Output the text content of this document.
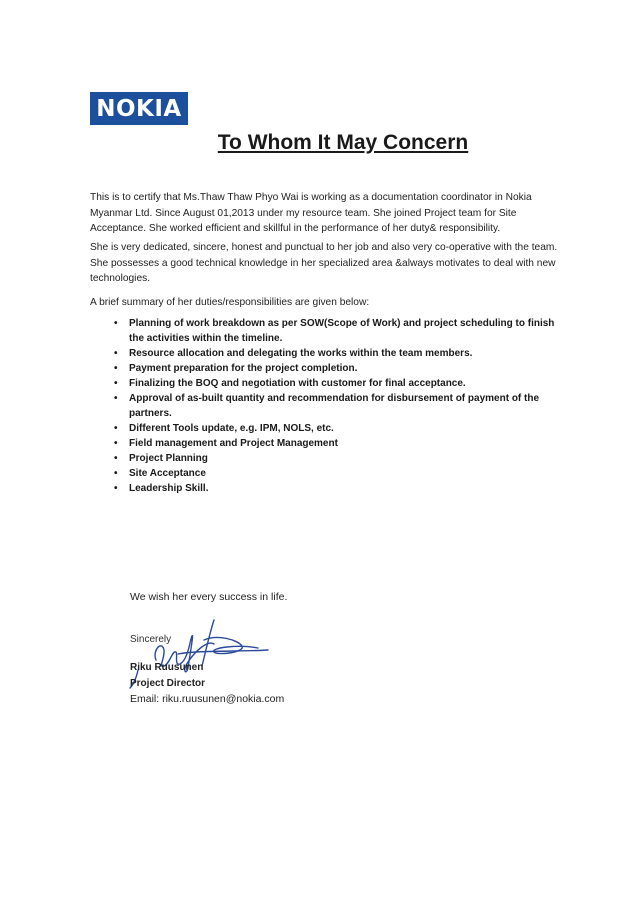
NOKIA
To Whom It May Concern
This is to certify that Ms.Thaw Thaw Phyo Wai is working as a documentation coordinator in Nokia Myanmar Ltd. Since August 01,2013 under my resource team. She joined Project team for Site Acceptance. She worked efficient and skillful in the performance of her duty& responsibility.
She is very dedicated, sincere, honest and punctual to her job and also very co-operative with the team. She possesses a good technical knowledge in her specialized area &always motivates to deal with new technologies.
A brief summary of her duties/responsibilities are given below:
• Planning of work breakdown as per SOW(Scope of Work) and project scheduling to finish the activities within the timeline.
• Resource allocation and delegating the works within the team members.
• Payment preparation for the project completion.
• Finalizing the BOQ and negotiation with customer for final acceptance.
• Approval of as-built quantity and recommendation for disbursement of payment of the partners.
• Different Tools update, e.g. IPM, NOLS, etc.
• Field management and Project Management
• Project Planning
• Site Acceptance
• Leadership Skill.
We wish her every success in life.
Sincerely
Riku Ruusunen
Project Director
Email: riku.ruusunen@nokia.com
